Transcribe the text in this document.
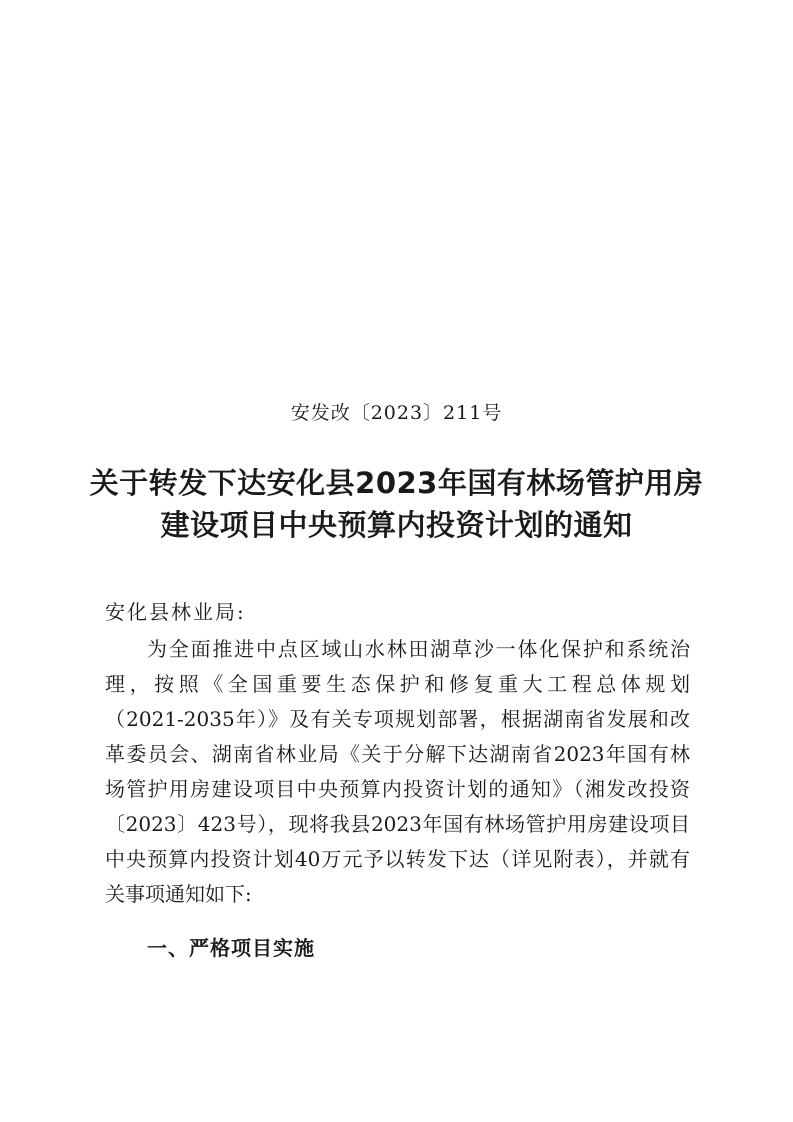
安发改〔2023〕211号
关于转发下达安化县2023年国有林场管护用房
建设项目中央预算内投资计划的通知
安化县林业局:
为全面推进中点区域山水林田湖草沙一体化保护和系统治
理，按照《全国重要生态保护和修复重大工程总体规划
（2021-2035年）》及有关专项规划部署，根据湖南省发展和改
革委员会、湖南省林业局《关于分解下达湖南省2023年国有林
场管护用房建设项目中央预算内投资计划的通知》（湘发改投资
〔2023〕423号），现将我县2023年国有林场管护用房建设项目
中央预算内投资计划40万元予以转发下达（详见附表），并就有
关事项通知如下:
一、严格项目实施
